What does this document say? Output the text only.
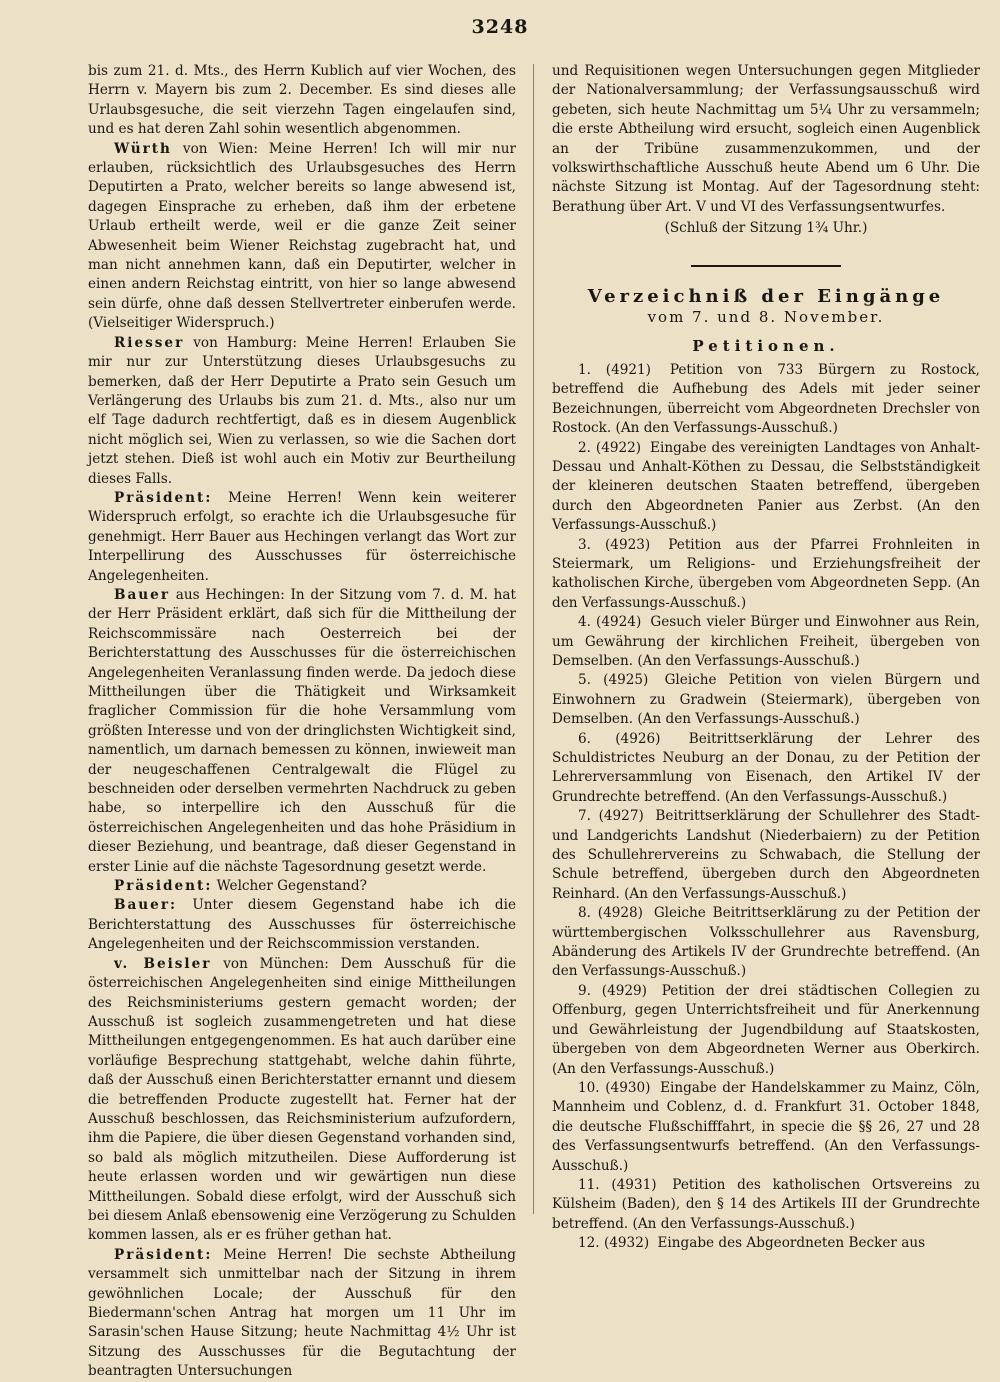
3248

bis zum 21. d. Mts., des Herrn Kublich auf vier Wochen, des Herrn v. Mayern bis zum 2. December. Es sind dieses alle Urlaubsgesuche, die seit vierzehn Tagen eingelaufen sind, und es hat deren Zahl sohin wesentlich abgenommen.

Würth von Wien: Meine Herren! Ich will mir nur erlauben, rücksichtlich des Urlaubsgesuches des Herrn Deputirten a Prato, welcher bereits so lange abwesend ist, dagegen Einsprache zu erheben, daß ihm der erbetene Urlaub ertheilt werde, weil er die ganze Zeit seiner Abwesenheit beim Wiener Reichstag zugebracht hat, und man nicht annehmen kann, daß ein Deputirter, welcher in einen andern Reichstag eintritt, von hier so lange abwesend sein dürfe, ohne daß dessen Stellvertreter einberufen werde. (Vielseitiger Widerspruch.)

Riesser von Hamburg: Meine Herren! Erlauben Sie mir nur zur Unterstützung dieses Urlaubsgesuchs zu bemerken, daß der Herr Deputirte a Prato sein Gesuch um Verlängerung des Urlaubs bis zum 21. d. Mts., also nur um elf Tage dadurch rechtfertigt, daß es in diesem Augenblick nicht möglich sei, Wien zu verlassen, so wie die Sachen dort jetzt stehen. Dieß ist wohl auch ein Motiv zur Beurtheilung dieses Falls.

Präsident: Meine Herren! Wenn kein weiterer Widerspruch erfolgt, so erachte ich die Urlaubsgesuche für genehmigt. Herr Bauer aus Hechingen verlangt das Wort zur Interpellirung des Ausschusses für österreichische Angelegenheiten.

Bauer aus Hechingen: In der Sitzung vom 7. d. M. hat der Herr Präsident erklärt, daß sich für die Mittheilung der Reichscommissäre nach Oesterreich bei der Berichterstattung des Ausschusses für die österreichischen Angelegenheiten Veranlassung finden werde. Da jedoch diese Mittheilungen über die Thätigkeit und Wirksamkeit fraglicher Commission für die hohe Versammlung vom größten Interesse und von der dringlichsten Wichtigkeit sind, namentlich, um darnach bemessen zu können, inwieweit man der neugeschaffenen Centralgewalt die Flügel zu beschneiden oder derselben vermehrten Nachdruck zu geben habe, so interpellire ich den Ausschuß für die österreichischen Angelegenheiten und das hohe Präsidium in dieser Beziehung, und beantrage, daß dieser Gegenstand in erster Linie auf die nächste Tagesordnung gesetzt werde.

Präsident: Welcher Gegenstand?

Bauer: Unter diesem Gegenstand habe ich die Berichterstattung des Ausschusses für österreichische Angelegenheiten und der Reichscommission verstanden.

v. Beisler von München: Dem Ausschuß für die österreichischen Angelegenheiten sind einige Mittheilungen des Reichsministeriums gestern gemacht worden; der Ausschuß ist sogleich zusammengetreten und hat diese Mittheilungen entgegengenommen. Es hat auch darüber eine vorläufige Besprechung stattgehabt, welche dahin führte, daß der Ausschuß einen Berichterstatter ernannt und diesem die betreffenden Producte zugestellt hat. Ferner hat der Ausschuß beschlossen, das Reichsministerium aufzufordern, ihm die Papiere, die über diesen Gegenstand vorhanden sind, so bald als möglich mitzutheilen. Diese Aufforderung ist heute erlassen worden und wir gewärtigen nun diese Mittheilungen. Sobald diese erfolgt, wird der Ausschuß sich bei diesem Anlaß ebensowenig eine Verzögerung zu Schulden kommen lassen, als er es früher gethan hat.

Präsident: Meine Herren! Die sechste Abtheilung versammelt sich unmittelbar nach der Sitzung in ihrem gewöhnlichen Locale; der Ausschuß für den Biedermann'schen Antrag hat morgen um 11 Uhr im Sarasin'schen Hause Sitzung; heute Nachmittag 4½ Uhr ist Sitzung des Ausschusses für die Begutachtung der beantragten Untersuchungen

und Requisitionen wegen Untersuchungen gegen Mitglieder der Nationalversammlung; der Verfassungsausschuß wird gebeten, sich heute Nachmittag um 5¼ Uhr zu versammeln; die erste Abtheilung wird ersucht, sogleich einen Augenblick an der Tribüne zusammenzukommen, und der volkswirthschaftliche Ausschuß heute Abend um 6 Uhr. Die nächste Sitzung ist Montag. Auf der Tagesordnung steht: Berathung über Art. V und VI des Verfassungsentwurfes.

(Schluß der Sitzung 1¾ Uhr.)

Verzeichniß der Eingänge
vom 7. und 8. November.
Petitionen.

1. (4921) Petition von 733 Bürgern zu Rostock, betreffend die Aufhebung des Adels mit jeder seiner Bezeichnungen, überreicht vom Abgeordneten Drechsler von Rostock. (An den Verfassungs-Ausschuß.)

2. (4922) Eingabe des vereinigten Landtages von Anhalt-Dessau und Anhalt-Köthen zu Dessau, die Selbstständigkeit der kleineren deutschen Staaten betreffend, übergeben durch den Abgeordneten Panier aus Zerbst. (An den Verfassungs-Ausschuß.)

3. (4923) Petition aus der Pfarrei Frohnleiten in Steiermark, um Religions- und Erziehungsfreiheit der katholischen Kirche, übergeben vom Abgeordneten Sepp. (An den Verfassungs-Ausschuß.)

4. (4924) Gesuch vieler Bürger und Einwohner aus Rein, um Gewährung der kirchlichen Freiheit, übergeben von Demselben. (An den Verfassungs-Ausschuß.)

5. (4925) Gleiche Petition von vielen Bürgern und Einwohnern zu Gradwein (Steiermark), übergeben von Demselben. (An den Verfassungs-Ausschuß.)

6. (4926) Beitrittserklärung der Lehrer des Schuldistrictes Neuburg an der Donau, zu der Petition der Lehrerversammlung von Eisenach, den Artikel IV der Grundrechte betreffend. (An den Verfassungs-Ausschuß.)

7. (4927) Beitrittserklärung der Schullehrer des Stadt- und Landgerichts Landshut (Niederbaiern) zu der Petition des Schullehrervereins zu Schwabach, die Stellung der Schule betreffend, übergeben durch den Abgeordneten Reinhard. (An den Verfassungs-Ausschuß.)

8. (4928) Gleiche Beitrittserklärung zu der Petition der württembergischen Volksschullehrer aus Ravensburg, Abänderung des Artikels IV der Grundrechte betreffend. (An den Verfassungs-Ausschuß.)

9. (4929) Petition der drei städtischen Collegien zu Offenburg, gegen Unterrichtsfreiheit und für Anerkennung und Gewährleistung der Jugendbildung auf Staatskosten, übergeben von dem Abgeordneten Werner aus Oberkirch. (An den Verfassungs-Ausschuß.)

10. (4930) Eingabe der Handelskammer zu Mainz, Cöln, Mannheim und Coblenz, d. d. Frankfurt 31. October 1848, die deutsche Flußschifffahrt, in specie die §§ 26, 27 und 28 des Verfassungsentwurfs betreffend. (An den Verfassungs-Ausschuß.)

11. (4931) Petition des katholischen Ortsvereins zu Külsheim (Baden), den § 14 des Artikels III der Grundrechte betreffend. (An den Verfassungs-Ausschuß.)

12. (4932) Eingabe des Abgeordneten Becker aus
